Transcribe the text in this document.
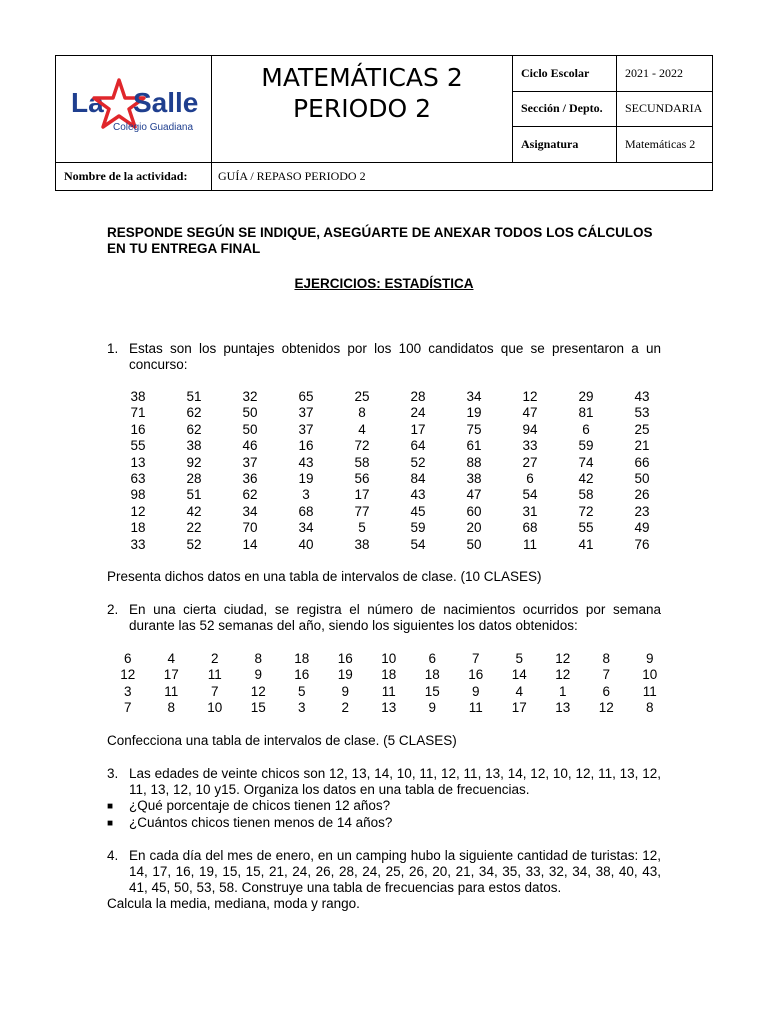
La Salle
Colegio Guadiana	MATEMÁTICAS 2
PERIODO 2	Ciclo Escolar	2021 - 2022
		Sección / Depto.	SECUNDARIA
		Asignatura	Matemáticas 2
Nombre de la actividad:	GUÍA / REPASO PERIODO 2		
RESPONDE SEGÚN SE INDIQUE, ASEGÚARTE DE ANEXAR TODOS LOS CÁLCULOS EN TU ENTREGA FINAL
EJERCICIOS: ESTADÍSTICA
1. Estas son los puntajes obtenidos por los 100 candidatos que se presentaron a un concurso:
38	51	32	65	25	28	34	12	29	43
71	62	50	37	8	24	19	47	81	53
16	62	50	37	4	17	75	94	6	25
55	38	46	16	72	64	61	33	59	21
13	92	37	43	58	52	88	27	74	66
63	28	36	19	56	84	38	6	42	50
98	51	62	3	17	43	47	54	58	26
12	42	34	68	77	45	60	31	72	23
18	22	70	34	5	59	20	68	55	49
33	52	14	40	38	54	50	11	41	76
Presenta dichos datos en una tabla de intervalos de clase. (10 CLASES)
2. En una cierta ciudad, se registra el número de nacimientos ocurridos por semana durante las 52 semanas del año, siendo los siguientes los datos obtenidos:
6	4	2	8	18	16	10	6	7	5	12	8	9
12	17	11	9	16	19	18	18	16	14	12	7	10
3	11	7	12	5	9	11	15	9	4	1	6	11
7	8	10	15	3	2	13	9	11	17	13	12	8
Confecciona una tabla de intervalos de clase. (5 CLASES)
3. Las edades de veinte chicos son 12, 13, 14, 10, 11, 12, 11, 13, 14, 12, 10, 12, 11, 13, 12, 11, 13, 12, 10 y15. Organiza los datos en una tabla de frecuencias.
■ ¿Qué porcentaje de chicos tienen 12 años?
■ ¿Cuántos chicos tienen menos de 14 años?
4. En cada día del mes de enero, en un camping hubo la siguiente cantidad de turistas: 12, 14, 17, 16, 19, 15, 15, 21, 24, 26, 28, 24, 25, 26, 20, 21, 34, 35, 33, 32, 34, 38, 40, 43, 41, 45, 50, 53, 58. Construye una tabla de frecuencias para estos datos.
Calcula la media, mediana, moda y rango.
